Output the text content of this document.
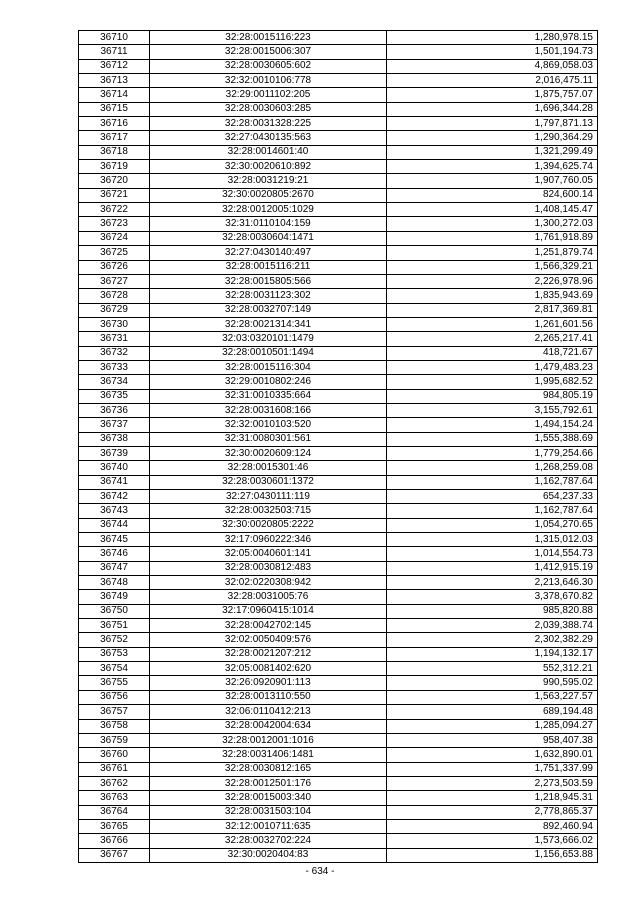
36710	32:28:0015116:223	1,280,978.15
36711	32:28:0015006:307	1,501,194.73
36712	32:28:0030605:602	4,869,058.03
36713	32:32:0010106:778	2,016,475.11
36714	32:29:0011102:205	1,875,757.07
36715	32:28:0030603:285	1,696,344.28
36716	32:28:0031328:225	1,797,871.13
36717	32:27:0430135:563	1,290,364.29
36718	32:28:0014601:40	1,321,299.49
36719	32:30:0020610:892	1,394,625.74
36720	32:28:0031219:21	1,907,760.05
36721	32:30:0020805:2670	824,600.14
36722	32:28:0012005:1029	1,408,145.47
36723	32:31:0110104:159	1,300,272.03
36724	32:28:0030604:1471	1,761,918.89
36725	32:27:0430140:497	1,251,879.74
36726	32:28:0015116:211	1,566,329.21
36727	32:28:0015805:566	2,226,978.96
36728	32:28:0031123:302	1,835,943.69
36729	32:28:0032707:149	2,817,369.81
36730	32:28:0021314:341	1,261,601.56
36731	32:03:0320101:1479	2,265,217.41
36732	32:28:0010501:1494	418,721.67
36733	32:28:0015116:304	1,479,483.23
36734	32:29:0010802:246	1,995,682.52
36735	32:31:0010335:664	984,805.19
36736	32:28:0031608:166	3,155,792.61
36737	32:32:0010103:520	1,494,154.24
36738	32:31:0080301:561	1,555,388.69
36739	32:30:0020609:124	1,779,254.66
36740	32:28:0015301:46	1,268,259.08
36741	32:28:0030601:1372	1,162,787.64
36742	32:27:0430111:119	654,237.33
36743	32:28:0032503:715	1,162,787.64
36744	32:30:0020805:2222	1,054,270.65
36745	32:17:0960222:346	1,315,012.03
36746	32:05:0040601:141	1,014,554.73
36747	32:28:0030812:483	1,412,915.19
36748	32:02:0220308:942	2,213,646.30
36749	32:28:0031005:76	3,378,670.82
36750	32:17:0960415:1014	985,820.88
36751	32:28:0042702:145	2,039,388.74
36752	32:02:0050409:576	2,302,382.29
36753	32:28:0021207:212	1,194,132.17
36754	32:05:0081402:620	552,312.21
36755	32:26:0920901:113	990,595.02
36756	32:28:0013110:550	1,563,227.57
36757	32:06:0110412:213	689,194.48
36758	32:28:0042004:634	1,285,094.27
36759	32:28:0012001:1016	958,407.38
36760	32:28:0031406:1481	1,632,890.01
36761	32:28:0030812:165	1,751,337.99
36762	32:28:0012501:176	2,273,503.59
36763	32:28:0015003:340	1,218,945.31
36764	32:28:0031503:104	2,778,865.37
36765	32:12:0010711:635	892,460.94
36766	32:28:0032702:224	1,573,666.02
36767	32:30:0020404:83	1,156,653.88
- 634 -
